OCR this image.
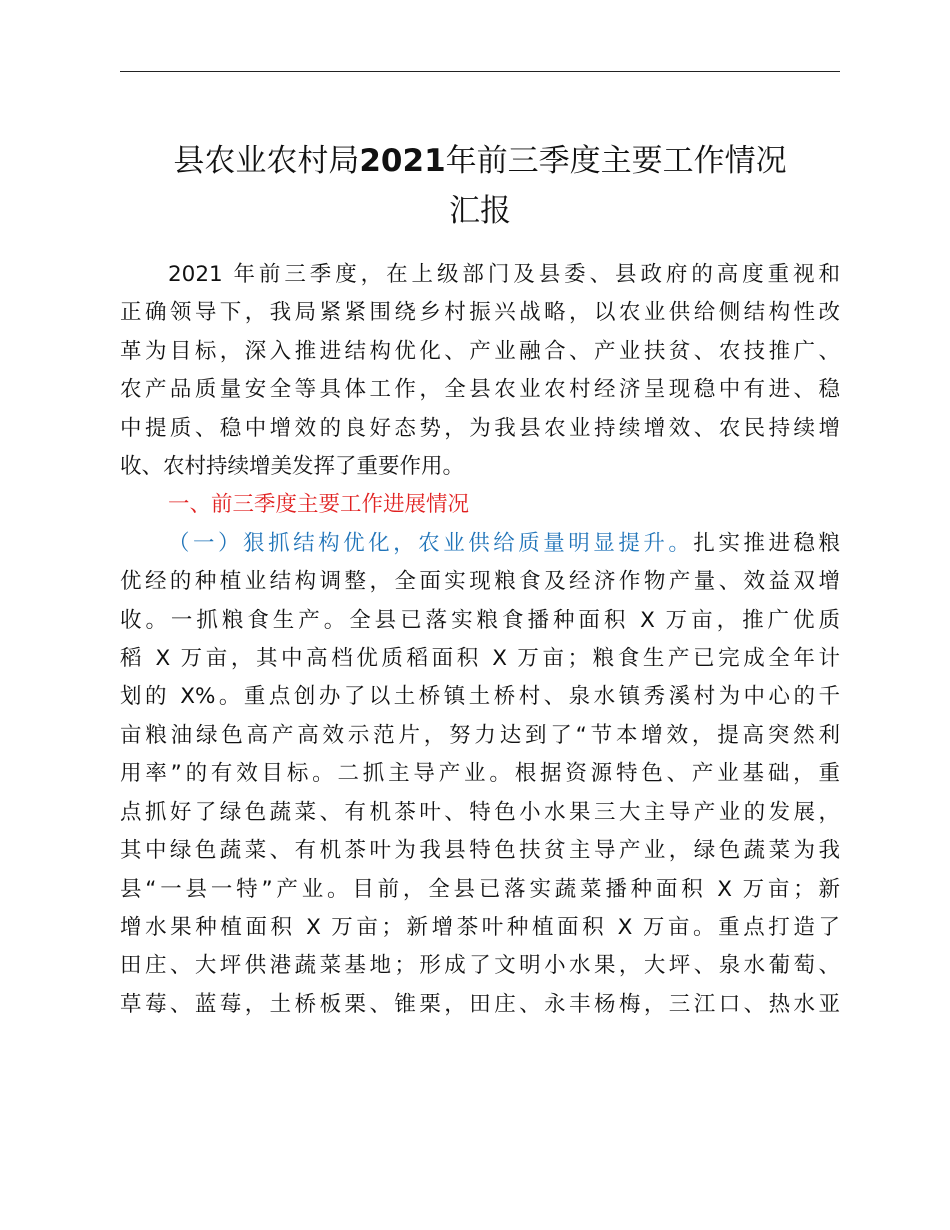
县农业农村局2021年前三季度主要工作情况
汇报

2021 年前三季度，在上级部门及县委、县政府的高度重视和
正确领导下，我局紧紧围绕乡村振兴战略，以农业供给侧结构性改
革为目标，深入推进结构优化、产业融合、产业扶贫、农技推广、
农产品质量安全等具体工作，全县农业农村经济呈现稳中有进、稳
中提质、稳中增效的良好态势，为我县农业持续增效、农民持续增
收、农村持续增美发挥了重要作用。

一、前三季度主要工作进展情况

（一）狠抓结构优化，农业供给质量明显提升。扎实推进稳粮
优经的种植业结构调整，全面实现粮食及经济作物产量、效益双增
收。一抓粮食生产。全县已落实粮食播种面积 X 万亩，推广优质
稻 X 万亩，其中高档优质稻面积 X 万亩；粮食生产已完成全年计
划的 X%。重点创办了以土桥镇土桥村、泉水镇秀溪村为中心的千
亩粮油绿色高产高效示范片，努力达到了“节本增效，提高突然利
用率”的有效目标。二抓主导产业。根据资源特色、产业基础，重
点抓好了绿色蔬菜、有机茶叶、特色小水果三大主导产业的发展，
其中绿色蔬菜、有机茶叶为我县特色扶贫主导产业，绿色蔬菜为我
县“一县一特”产业。目前，全县已落实蔬菜播种面积 X 万亩；新
增水果种植面积 X 万亩；新增茶叶种植面积 X 万亩。重点打造了
田庄、大坪供港蔬菜基地；形成了文明小水果，大坪、泉水葡萄、
草莓、蓝莓，土桥板栗、锥栗，田庄、永丰杨梅，三江口、热水亚
